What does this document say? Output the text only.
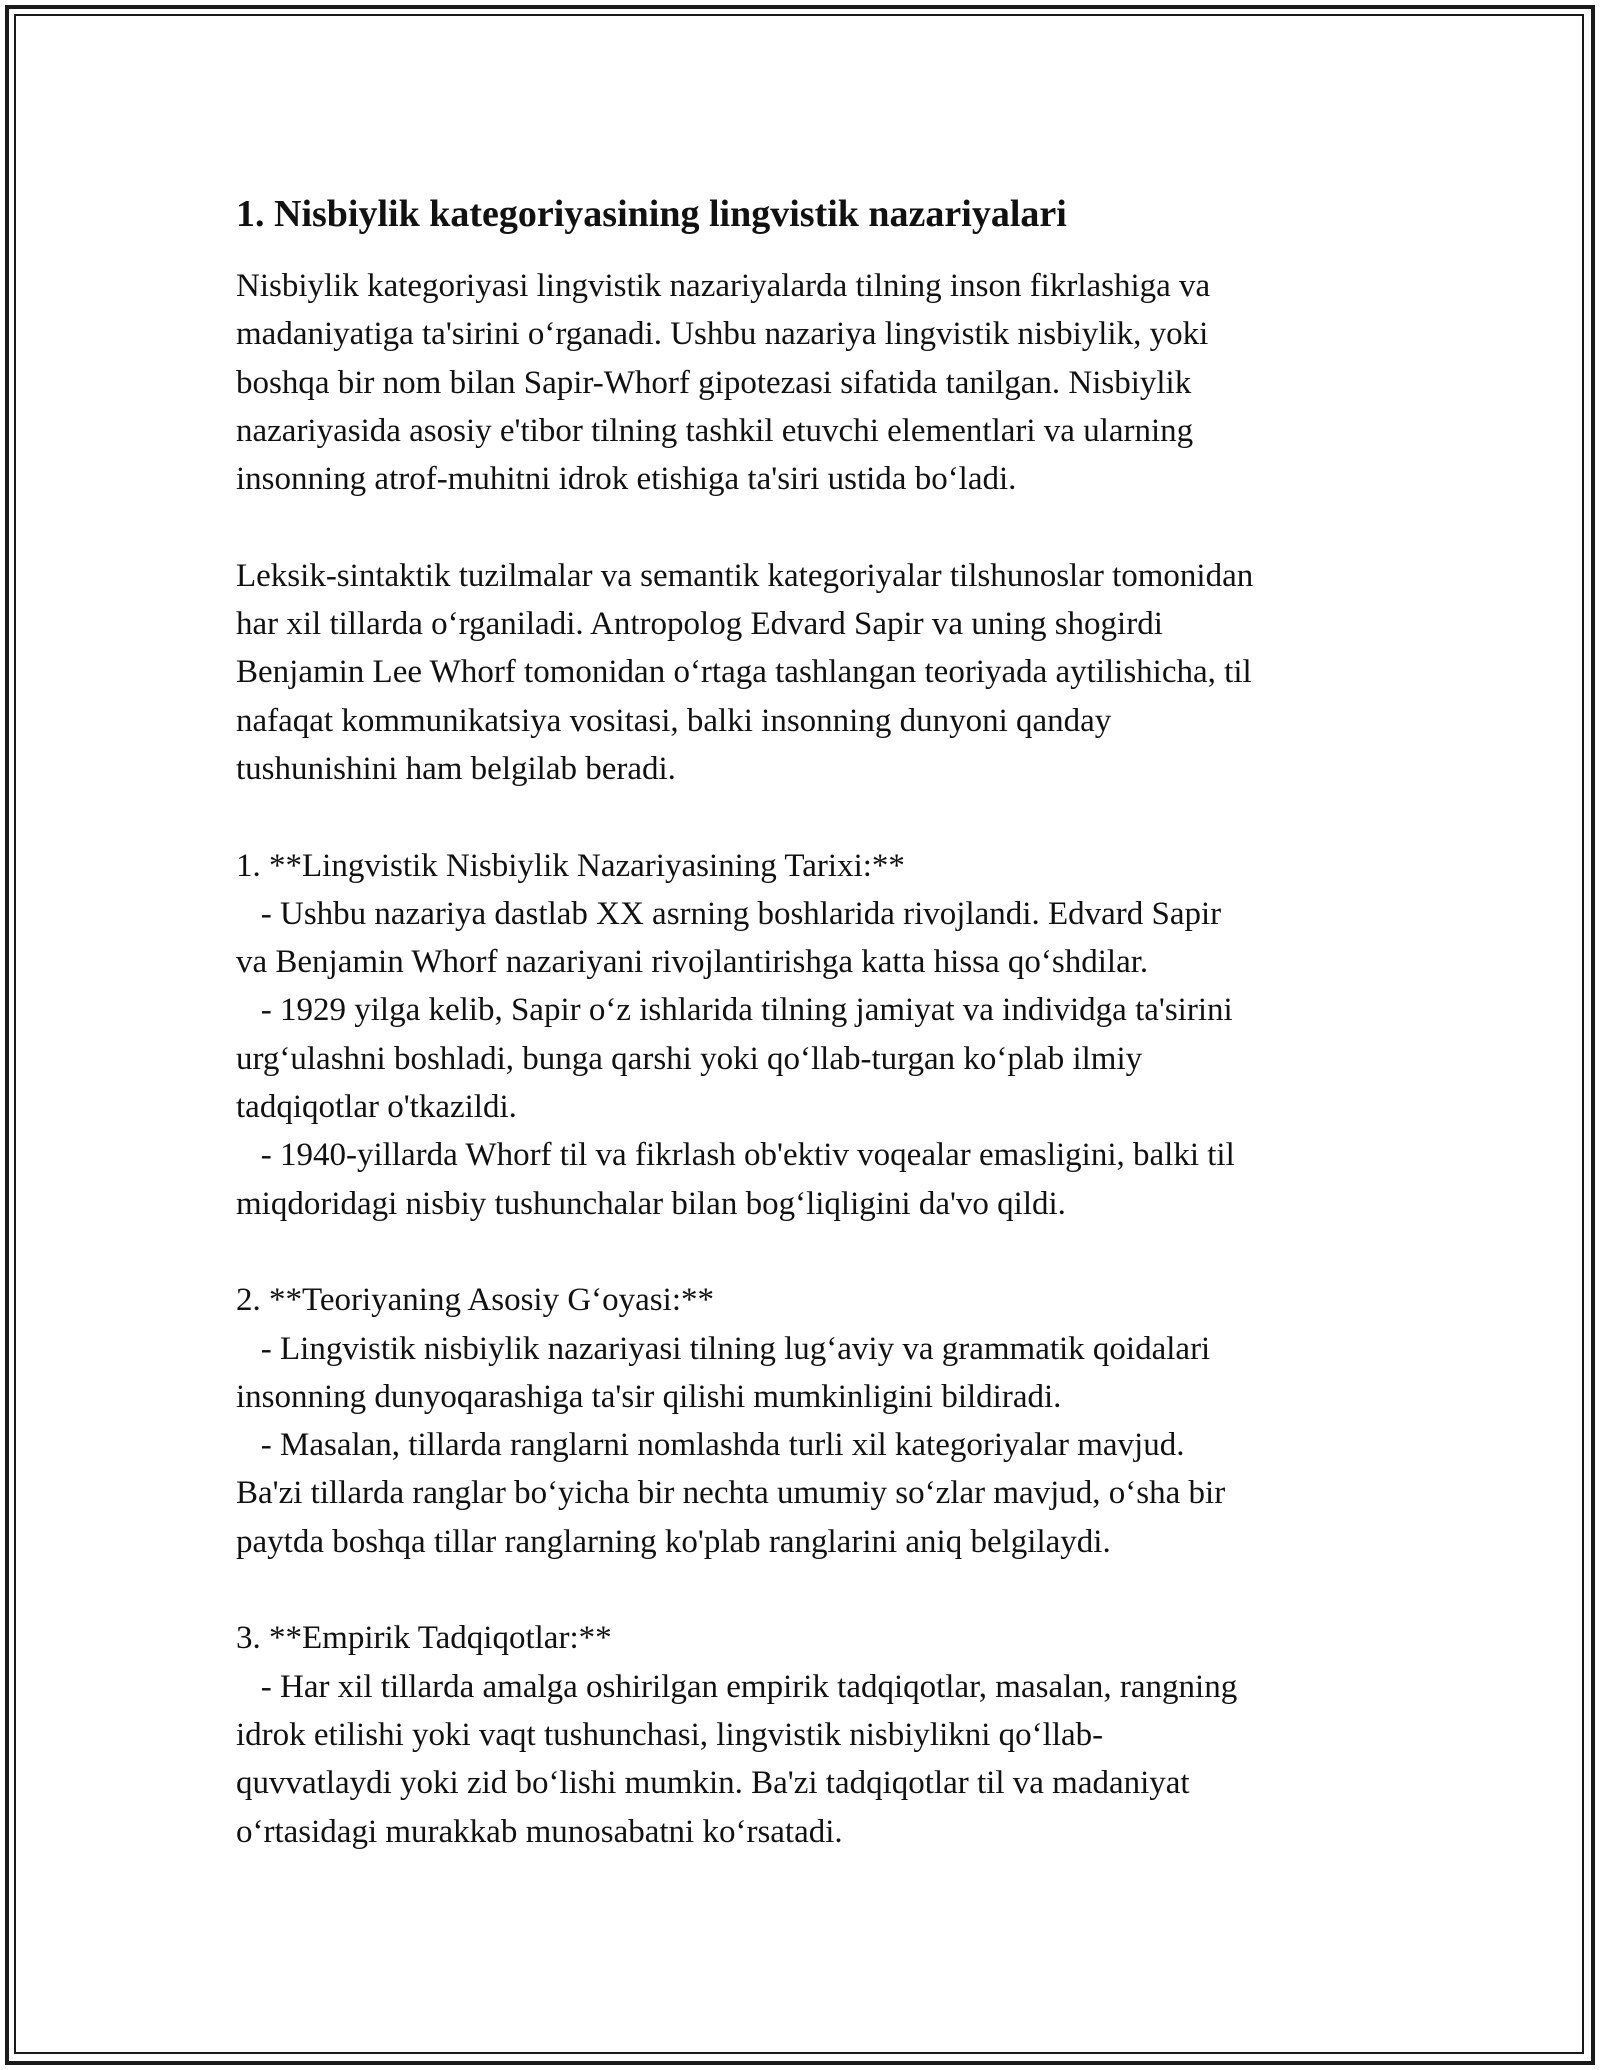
1. Nisbiylik kategoriyasining lingvistik nazariyalari
Nisbiylik kategoriyasi lingvistik nazariyalarda tilning inson fikrlashiga va
madaniyatiga ta'sirini o‘rganadi. Ushbu nazariya lingvistik nisbiylik, yoki
boshqa bir nom bilan Sapir-Whorf gipotezasi sifatida tanilgan. Nisbiylik
nazariyasida asosiy e'tibor tilning tashkil etuvchi elementlari va ularning
insonning atrof-muhitni idrok etishiga ta'siri ustida bo‘ladi.
Leksik-sintaktik tuzilmalar va semantik kategoriyalar tilshunoslar tomonidan
har xil tillarda o‘rganiladi. Antropolog Edvard Sapir va uning shogirdi
Benjamin Lee Whorf tomonidan o‘rtaga tashlangan teoriyada aytilishicha, til
nafaqat kommunikatsiya vositasi, balki insonning dunyoni qanday
tushunishini ham belgilab beradi.
1. **Lingvistik Nisbiylik Nazariyasining Tarixi:**
- Ushbu nazariya dastlab XX asrning boshlarida rivojlandi. Edvard Sapir
va Benjamin Whorf nazariyani rivojlantirishga katta hissa qo‘shdilar.
- 1929 yilga kelib, Sapir o‘z ishlarida tilning jamiyat va individga ta'sirini
urg‘ulashni boshladi, bunga qarshi yoki qo‘llab-turgan ko‘plab ilmiy
tadqiqotlar o'tkazildi.
- 1940-yillarda Whorf til va fikrlash ob'ektiv voqealar emasligini, balki til
miqdoridagi nisbiy tushunchalar bilan bog‘liqligini da'vo qildi.
2. **Teoriyaning Asosiy G‘oyasi:**
- Lingvistik nisbiylik nazariyasi tilning lug‘aviy va grammatik qoidalari
insonning dunyoqarashiga ta'sir qilishi mumkinligini bildiradi.
- Masalan, tillarda ranglarni nomlashda turli xil kategoriyalar mavjud.
Ba'zi tillarda ranglar bo‘yicha bir nechta umumiy so‘zlar mavjud, o‘sha bir
paytda boshqa tillar ranglarning ko'plab ranglarini aniq belgilaydi.
3. **Empirik Tadqiqotlar:**
- Har xil tillarda amalga oshirilgan empirik tadqiqotlar, masalan, rangning
idrok etilishi yoki vaqt tushunchasi, lingvistik nisbiylikni qo‘llab-
quvvatlaydi yoki zid bo‘lishi mumkin. Ba'zi tadqiqotlar til va madaniyat
o‘rtasidagi murakkab munosabatni ko‘rsatadi.
